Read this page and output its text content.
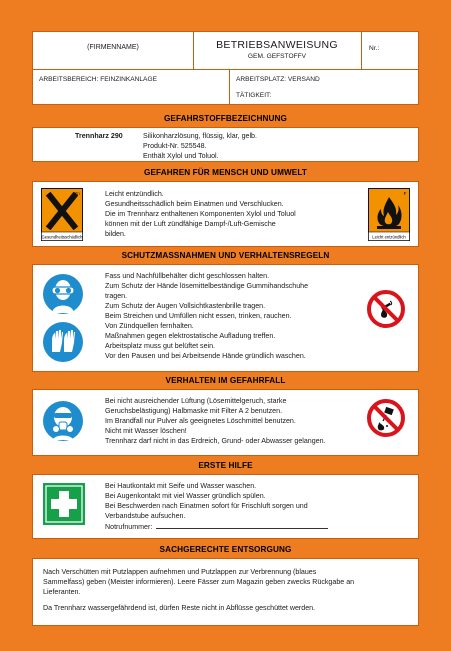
(FIRMENNAME)	BETRIEBSANWEISUNG
GEM. GEFSTOFFV
Nr.:
ARBEITSBEREICH: FEINZINKANLAGE	ARBEITSPLATZ: VERSAND
TÄTIGKEIT:
GEFAHRSTOFFBEZEICHNUNG
Trennharz 290	Silikonharzlösung, flüssig, klar, gelb.
Produkt-Nr. 525548.
Enthält Xylol und Toluol.
GEFAHREN FÜR MENSCH UND UMWELT
Xn
Gesundheitsschädlich
Leicht entzündlich.
Gesundheitsschädlich beim Einatmen und Verschlucken.
Die im Trennharz enthaltenen Komponenten Xylol und Toluol
können mit der Luft zündfähige Dampf-/Luft-Gemische
bilden.
F
Leicht entzündlich
SCHUTZMASSNAHMEN UND VERHALTENSREGELN
Fass und Nachfüllbehälter dicht geschlossen halten.
Zum Schutz der Hände lösemittelbeständige Gummihandschuhe
tragen.
Zum Schutz der Augen Vollsichtkastenbrille tragen.
Beim Streichen und Umfüllen nicht essen, trinken, rauchen.
Von Zündquellen fernhalten.
Maßnahmen gegen elektrostatische Aufladung treffen.
Arbeitsplatz muss gut belüftet sein.
Vor den Pausen und bei Arbeitsende Hände gründlich waschen.
VERHALTEN IM GEFAHRFALL
Bei nicht ausreichender Lüftung (Lösemittelgeruch, starke
Geruchsbelästigung) Halbmaske mit Filter A 2 benutzen.
Im Brandfall nur Pulver als geeignetes Löschmittel benutzen.
Nicht mit Wasser löschen!
Trennharz darf nicht in das Erdreich, Grund- oder Abwasser gelangen.
ERSTE HILFE
Bei Hautkontakt mit Seife und Wasser waschen.
Bei Augenkontakt mit viel Wasser gründlich spülen.
Bei Beschwerden nach Einatmen sofort für Frischluft sorgen und
Verbandstube aufsuchen.
Notrufnummer:
SACHGERECHTE ENTSORGUNG
Nach Verschütten mit Putzlappen aufnehmen und Putzlappen zur Verbrennung (blaues
Sammelfass) geben (Meister informieren). Leere Fässer zum Magazin geben zwecks Rückgabe an
Lieferanten.
Da Trennharz wassergefährdend ist, dürfen Reste nicht in Abflüsse geschüttet werden.
